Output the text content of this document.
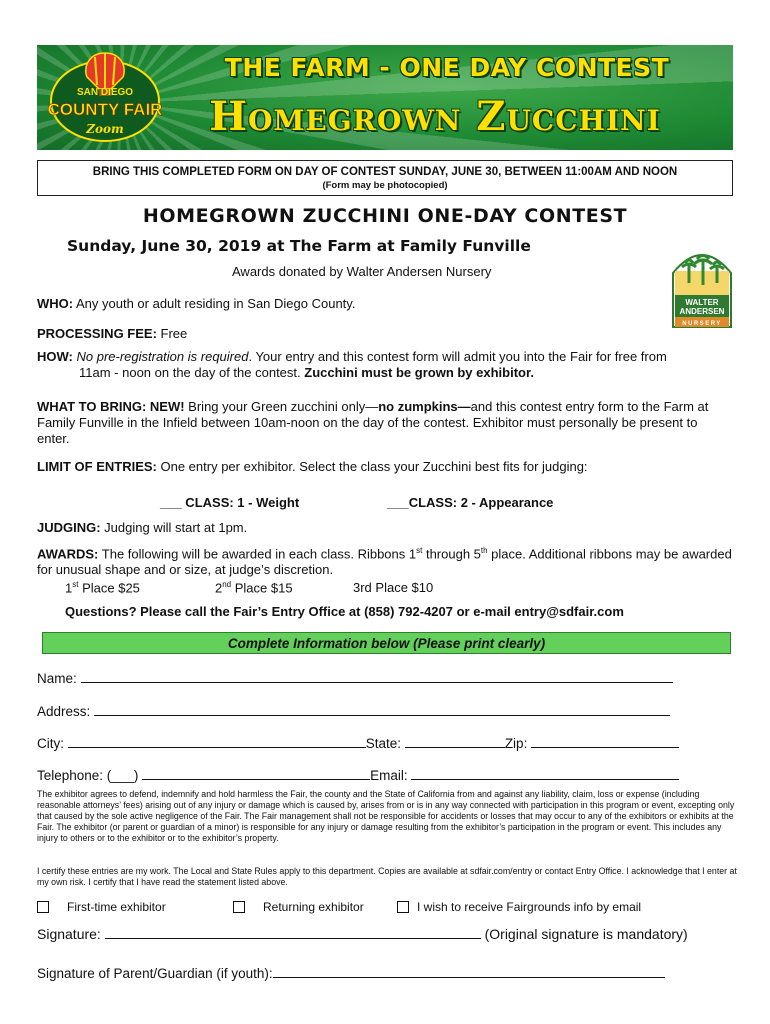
SAN DIEGO
COUNTY FAIR
Zoom
THE FARM - ONE DAY CONTEST
Homegrown Zucchini
BRING THIS COMPLETED FORM ON DAY OF CONTEST SUNDAY, JUNE 30, BETWEEN 11:00AM AND NOON
(Form may be photocopied)
HOMEGROWN ZUCCHINI ONE-DAY CONTEST
Sunday, June 30, 2019 at The Farm at Family Funville
Awards donated by Walter Andersen Nursery
WALTER
ANDERSEN
NURSERY
WHO: Any youth or adult residing in San Diego County.
PROCESSING FEE: Free
HOW: No pre-registration is required. Your entry and this contest form will admit you into the Fair for free from
11am - noon on the day of the contest. Zucchini must be grown by exhibitor.
WHAT TO BRING: NEW! Bring your Green zucchini only—no zumpkins—and this contest entry form to the Farm at Family Funville in the Infield between 10am-noon on the day of the contest. Exhibitor must personally be present to enter.
LIMIT OF ENTRIES: One entry per exhibitor. Select the class your Zucchini best fits for judging:
___ CLASS: 1 - Weight	___CLASS: 2 - Appearance
JUDGING: Judging will start at 1pm.
AWARDS: The following will be awarded in each class. Ribbons 1st through 5th place. Additional ribbons may be awarded for unusual shape and or size, at judge’s discretion.
1st Place $25	2nd Place $15	3rd Place $10
Questions? Please call the Fair’s Entry Office at (858) 792-4207 or e-mail entry@sdfair.com
Complete Information below (Please print clearly)
Name:
Address:
City:	State:	Zip:
Telephone: (___)	Email:
The exhibitor agrees to defend, indemnify and hold harmless the Fair, the county and the State of California from and against any liability, claim, loss or expense (including reasonable attorneys’ fees) arising out of any injury or damage which is caused by, arises from or is in any way connected with participation in this program or event, excepting only that caused by the sole active negligence of the Fair. The Fair management shall not be responsible for accidents or losses that may occur to any of the exhibitors or exhibits at the Fair. The exhibitor (or parent or guardian of a minor) is responsible for any injury or damage resulting from the exhibitor’s participation in the program or event. This includes any injury to others or to the exhibitor or to the exhibitor’s property.
I certify these entries are my work. The Local and State Rules apply to this department. Copies are available at sdfair.com/entry or contact Entry Office. I acknowledge that I enter at my own risk. I certify that I have read the statement listed above.
First-time exhibitor	Returning exhibitor	I wish to receive Fairgrounds info by email
Signature:	(Original signature is mandatory)
Signature of Parent/Guardian (if youth):
